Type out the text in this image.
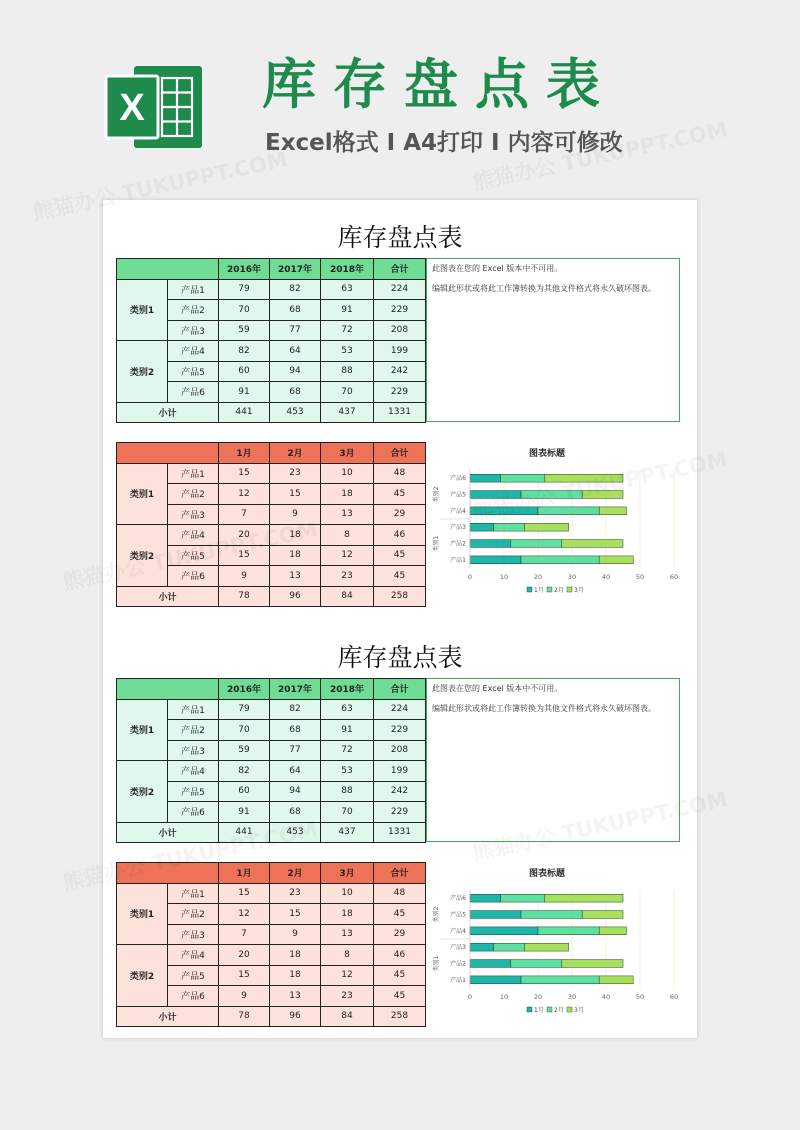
X 库存盘点表
Excel格式 I A4打印 I 内容可修改
库存盘点表
		2016年	2017年	2018年	合计
类别1	产品1	79	82	63	224
	产品2	70	68	91	229
	产品3	59	77	72	208
类别2	产品4	82	64	53	199
	产品5	60	94	88	242
	产品6	91	68	70	229
小计		441	453	437	1331

此图表在您的 Excel 版本中不可用。

编辑此形状或将此工作簿转换为其他文件格式将永久破坏图表。

		1月	2月	3月	合计
类别1	产品1	15	23	10	48
	产品2	12	15	18	45
	产品3	7	9	13	29
类别2	产品4	20	18	8	46
	产品5	15	18	12	45
	产品6	9	13	23	45
小计		78	96	84	258
图表标题
0	10	20	30	40	50	60
产品6
产品5
产品4
产品3
产品2
产品1
类别2
类别1
1月 2月 3月
库存盘点表
		2016年	2017年	2018年	合计
类别1	产品1	79	82	63	224
	产品2	70	68	91	229
	产品3	59	77	72	208
类别2	产品4	82	64	53	199
	产品5	60	94	88	242
	产品6	91	68	70	229
小计		441	453	437	1331

此图表在您的 Excel 版本中不可用。

编辑此形状或将此工作簿转换为其他文件格式将永久破坏图表。

		1月	2月	3月	合计
类别1	产品1	15	23	10	48
	产品2	12	15	18	45
	产品3	7	9	13	29
类别2	产品4	20	18	8	46
	产品5	15	18	12	45
	产品6	9	13	23	45
小计		78	96	84	258
图表标题
0	10	20	30	40	50	60
产品6
产品5
产品4
产品3
产品2
产品1
类别2
类别1
1月 2月 3月
